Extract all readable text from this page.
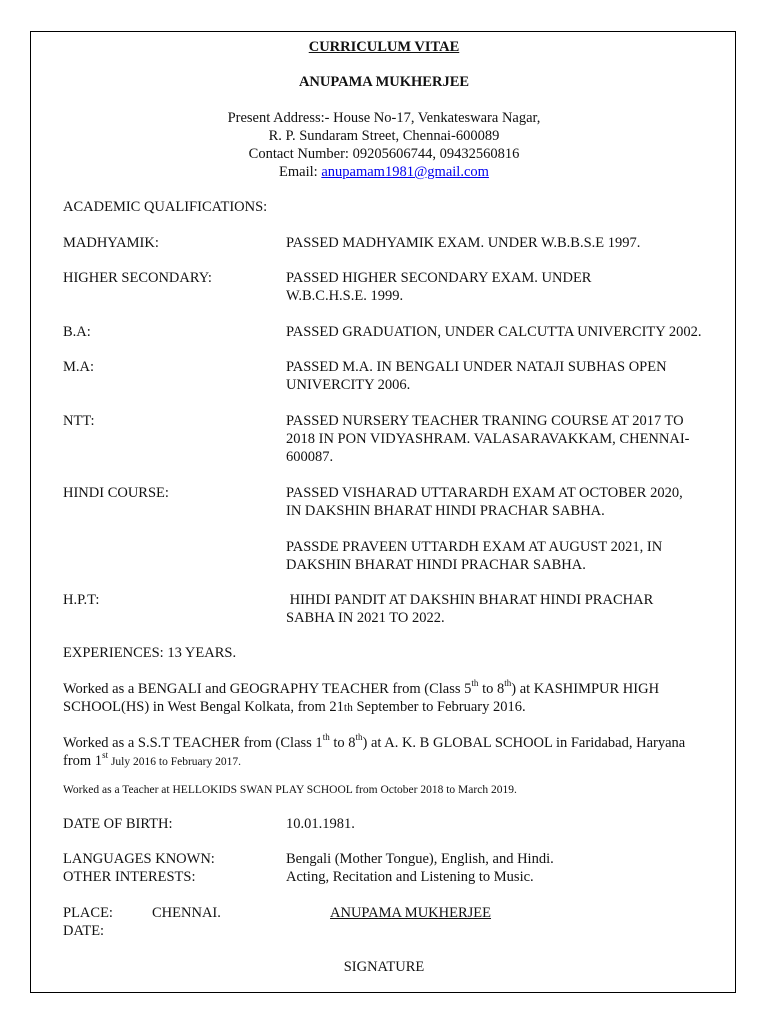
CURRICULUM VITAE
ANUPAMA MUKHERJEE
Present Address:- House No-17, Venkateswara Nagar,
R. P. Sundaram Street, Chennai-600089
Contact Number: 09205606744, 09432560816
Email: anupamam1981@gmail.com
ACADEMIC QUALIFICATIONS:
MADHYAMIK:	PASSED MADHYAMIK EXAM. UNDER W.B.B.S.E 1997.
HIGHER SECONDARY:	PASSED HIGHER SECONDARY EXAM. UNDER
W.B.C.H.S.E. 1999.
B.A:	PASSED GRADUATION, UNDER CALCUTTA UNIVERCITY 2002.
M.A:	PASSED M.A. IN BENGALI UNDER NATAJI SUBHAS OPEN
UNIVERCITY 2006.
NTT:	PASSED NURSERY TEACHER TRANING COURSE AT 2017 TO
2018 IN PON VIDYASHRAM. VALASARAVAKKAM, CHENNAI-
600087.
HINDI COURSE:	PASSED VISHARAD UTTARARDH EXAM AT OCTOBER 2020,
IN DAKSHIN BHARAT HINDI PRACHAR SABHA.
PASSDE PRAVEEN UTTARDH EXAM AT AUGUST 2021, IN
DAKSHIN BHARAT HINDI PRACHAR SABHA.
H.P.T:	HIHDI PANDIT AT DAKSHIN BHARAT HINDI PRACHAR
SABHA IN 2021 TO 2022.
EXPERIENCES: 13 YEARS.
Worked as a BENGALI and GEOGRAPHY TEACHER from (Class 5th to 8th) at KASHIMPUR HIGH
SCHOOL(HS) in West Bengal Kolkata, from 21th September to February 2016.
Worked as a S.S.T TEACHER from (Class 1th to 8th) at A. K. B GLOBAL SCHOOL in Faridabad, Haryana
from 1st July 2016 to February 2017.
Worked as a Teacher at HELLOKIDS SWAN PLAY SCHOOL from October 2018 to March 2019.
DATE OF BIRTH:	10.01.1981.
LANGUAGES KNOWN:	Bengali (Mother Tongue), English, and Hindi.
OTHER INTERESTS:	Acting, Recitation and Listening to Music.
PLACE:	CHENNAI.
DATE:
ANUPAMA MUKHERJEE
SIGNATURE
